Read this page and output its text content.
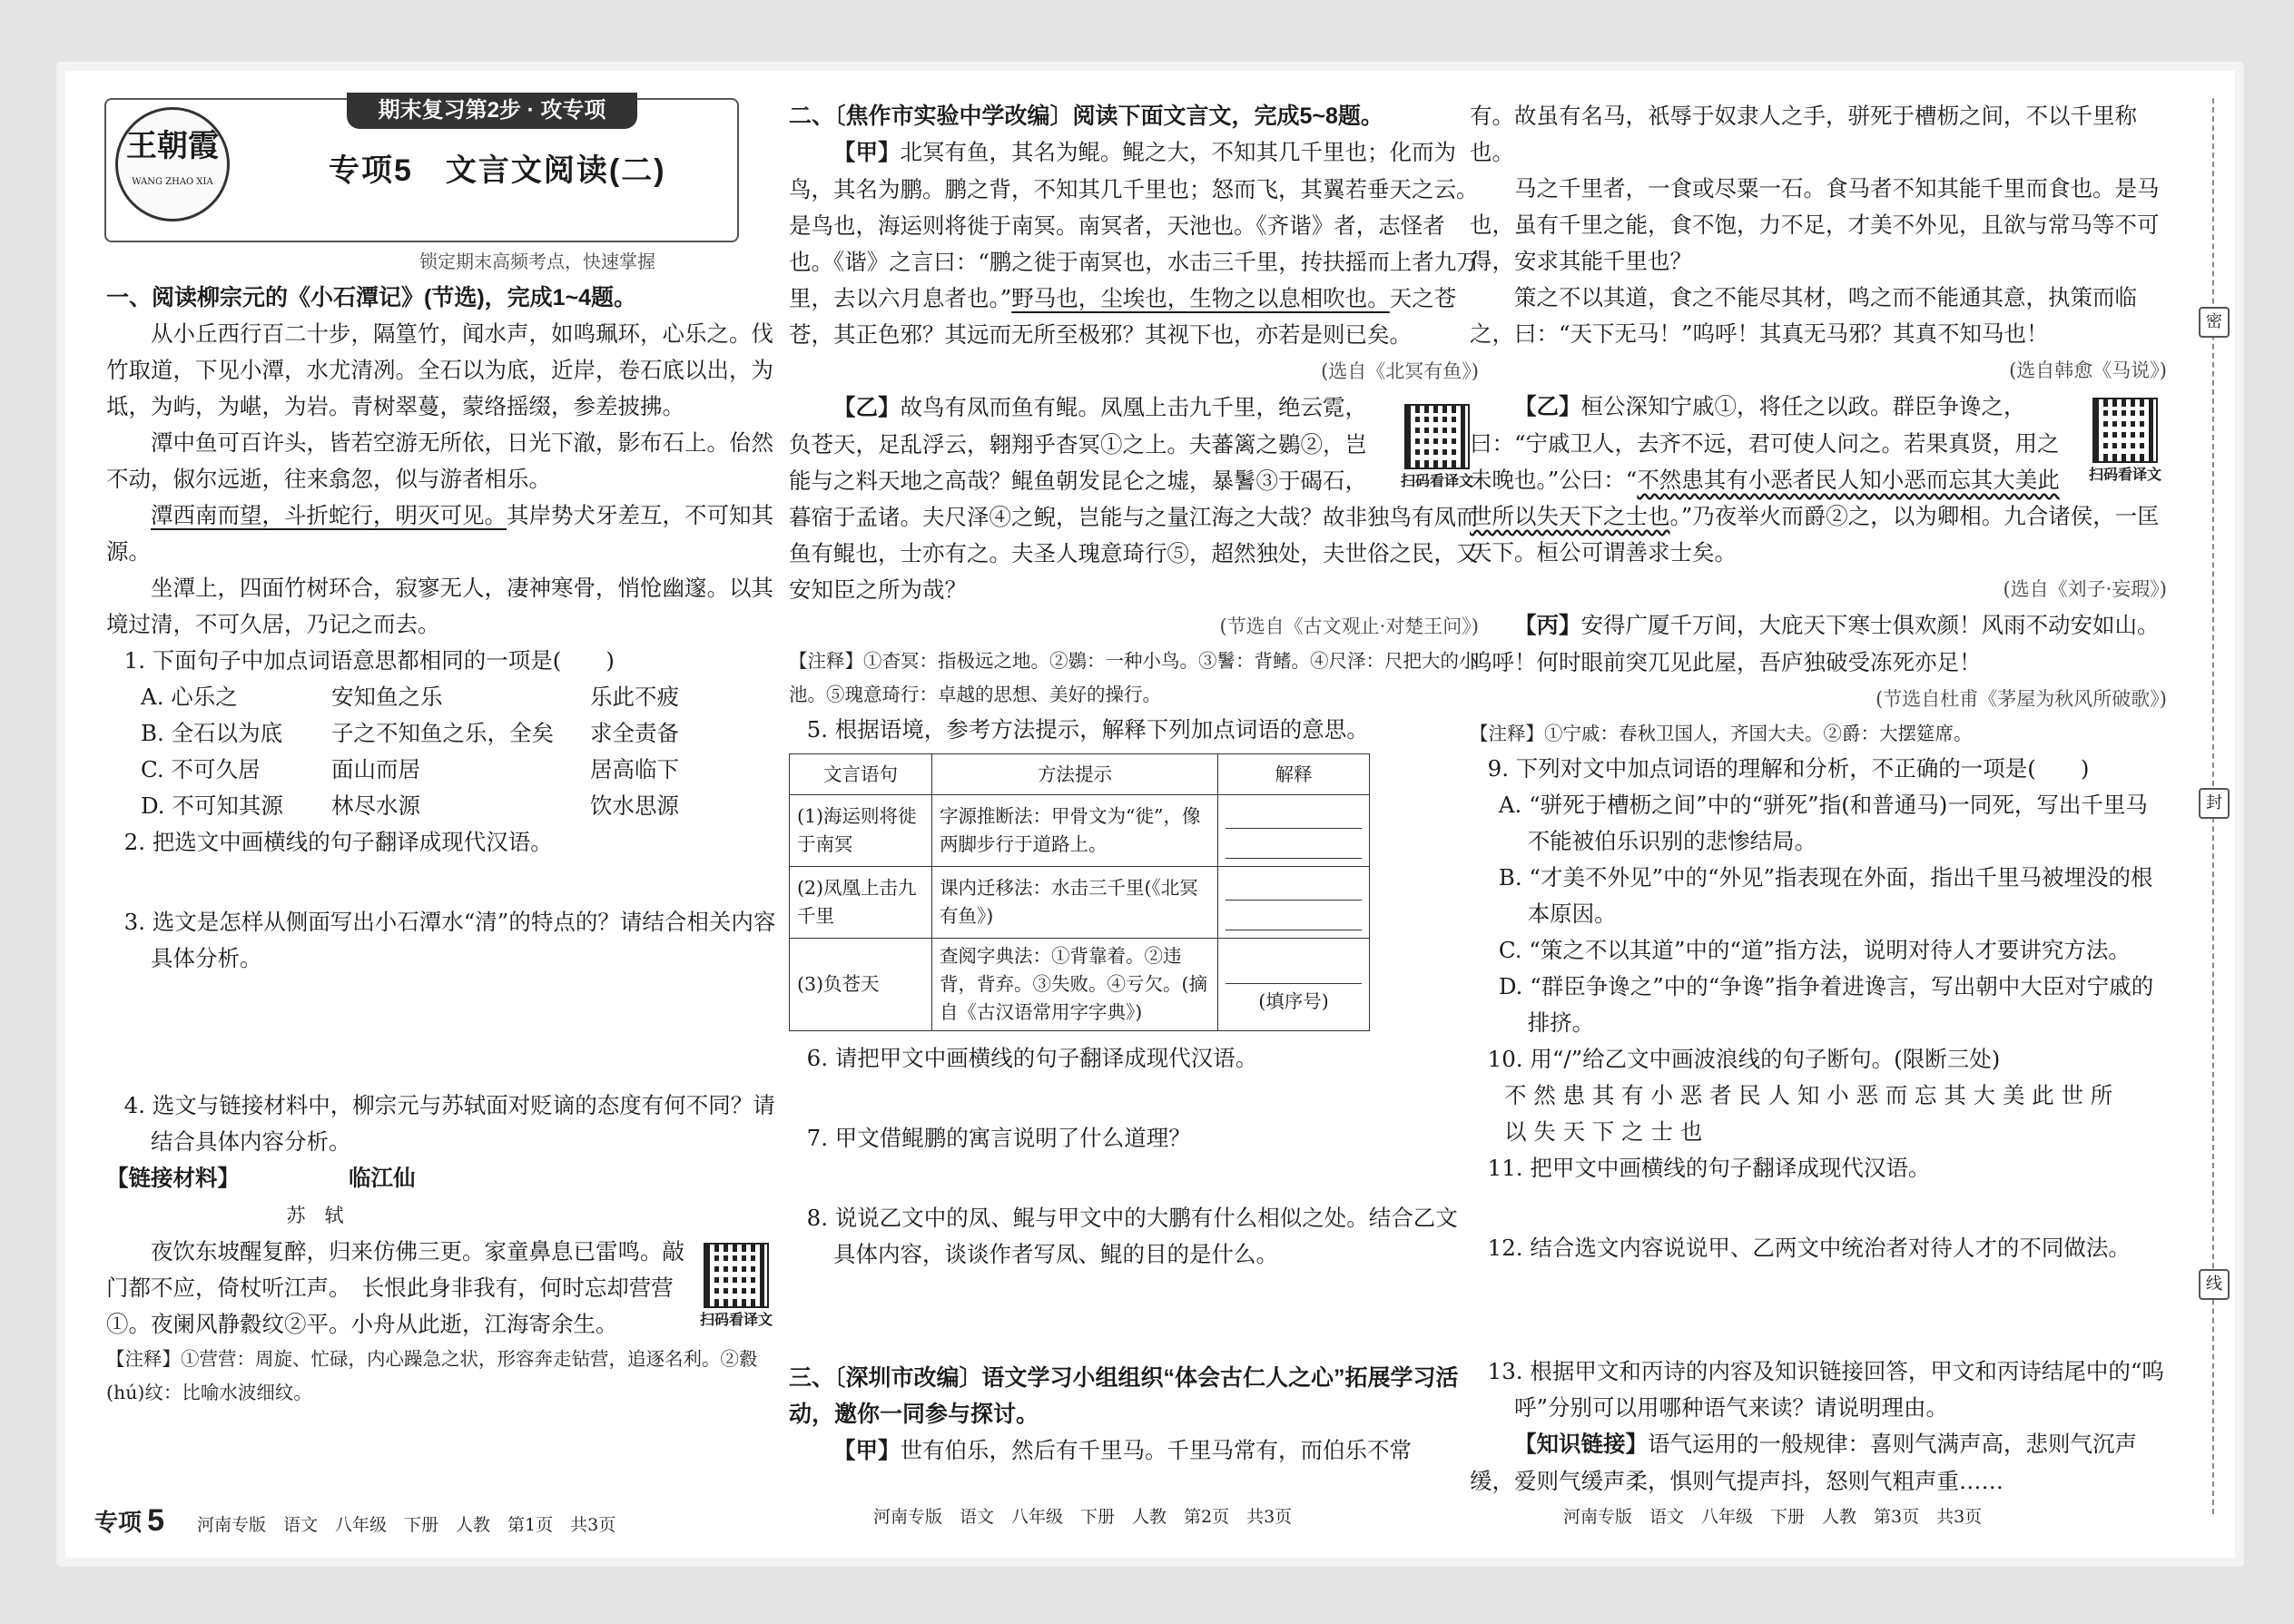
王朝霞
WANG ZHAO XIA
期末复习第2步 · 攻专项
专项5　文言文阅读(二)
锁定期末高频考点，快速掌握

一、阅读柳宗元的《小石潭记》(节选)，完成1~4题。

从小丘西行百二十步，隔篁竹，闻水声，如鸣珮环，心乐之。伐竹取道，下见小潭，水尤清冽。全石以为底，近岸，卷石底以出，为坻，为屿，为嵁，为岩。青树翠蔓，蒙络摇缀，参差披拂。

潭中鱼可百许头，皆若空游无所依，日光下澈，影布石上。佁然不动，俶尔远逝，往来翕忽，似与游者相乐。

潭西南而望，斗折蛇行，明灭可见。其岸势犬牙差互，不可知其源。

坐潭上，四面竹树环合，寂寥无人，凄神寒骨，悄怆幽邃。以其境过清，不可久居，乃记之而去。

1. 下面句子中加点词语意思都相同的一项是(　　)

A. 心乐之	安知鱼之乐	乐此不疲
B. 全石以为底	子之不知鱼之乐，全矣	求全责备
C. 不可久居	面山而居	居高临下
D. 不可知其源	林尽水源	饮水思源

2. 把选文中画横线的句子翻译成现代汉语。

3. 选文是怎样从侧面写出小石潭水“清”的特点的？请结合相关内容具体分析。

4. 选文与链接材料中，柳宗元与苏轼面对贬谪的态度有何不同？请结合具体内容分析。

【链接材料】	临江仙

苏　轼

扫码看译文

夜饮东坡醒复醉，归来仿佛三更。家童鼻息已雷鸣。敲门都不应，倚杖听江声。　长恨此身非我有，何时忘却营营①。夜阑风静縠纹②平。小舟从此逝，江海寄余生。

【注释】①营营：周旋、忙碌，内心躁急之状，形容奔走钻营，追逐名利。②縠(hú)纹：比喻水波细纹。

二、〔焦作市实验中学改编〕阅读下面文言文，完成5~8题。

【甲】北冥有鱼，其名为鲲。鲲之大，不知其几千里也；化而为鸟，其名为鹏。鹏之背，不知其几千里也；怒而飞，其翼若垂天之云。是鸟也，海运则将徙于南冥。南冥者，天池也。《齐谐》者，志怪者也。《谐》之言曰：“鹏之徙于南冥也，水击三千里，抟扶摇而上者九万里，去以六月息者也。”野马也，尘埃也，生物之以息相吹也。天之苍苍，其正色邪？其远而无所至极邪？其视下也，亦若是则已矣。

(选自《北冥有鱼》)

扫码看译文

【乙】故鸟有凤而鱼有鲲。凤凰上击九千里，绝云霓，负苍天，足乱浮云，翱翔乎杳冥①之上。夫蕃篱之鷃②，岂能与之料天地之高哉？鲲鱼朝发昆仑之墟，暴鬐③于碣石，暮宿于孟诸。夫尺泽④之鲵，岂能与之量江海之大哉？故非独鸟有凤而鱼有鲲也，士亦有之。夫圣人瑰意琦行⑤，超然独处，夫世俗之民，又安知臣之所为哉？

(节选自《古文观止·对楚王问》)

【注释】①杳冥：指极远之地。②鷃：一种小鸟。③鬐：背鳍。④尺泽：尺把大的小池。⑤瑰意琦行：卓越的思想、美好的操行。

5. 根据语境，参考方法提示，解释下列加点词语的意思。

文言语句	方法提示	解释
(1)海运则将徙于南冥	字源推断法：甲骨文为“徙”，像两脚步行于道路上。	

(2)凤凰上击九千里	课内迁移法：水击三千里(《北冥有鱼》)	

(3)负苍天	查阅字典法：①背靠着。②违背，背弃。③失败。④亏欠。(摘自《古汉语常用字字典》)	(填序号)

6. 请把甲文中画横线的句子翻译成现代汉语。

7. 甲文借鲲鹏的寓言说明了什么道理？

8. 说说乙文中的凤、鲲与甲文中的大鹏有什么相似之处。结合乙文具体内容，谈谈作者写凤、鲲的目的是什么。

三、〔深圳市改编〕语文学习小组组织“体会古仁人之心”拓展学习活动，邀你一同参与探讨。

【甲】世有伯乐，然后有千里马。千里马常有，而伯乐不常

有。故虽有名马，祇辱于奴隶人之手，骈死于槽枥之间，不以千里称也。

马之千里者，一食或尽粟一石。食马者不知其能千里而食也。是马也，虽有千里之能，食不饱，力不足，才美不外见，且欲与常马等不可得，安求其能千里也？

策之不以其道，食之不能尽其材，鸣之而不能通其意，执策而临之，曰：“天下无马！”呜呼！其真无马邪？其真不知马也！

(选自韩愈《马说》)

扫码看译文

【乙】桓公深知宁戚①，将任之以政。群臣争谗之，曰：“宁戚卫人，去齐不远，君可使人问之。若果真贤，用之未晚也。”公曰：“不然患其有小恶者民人知小恶而忘其大美此世所以失天下之士也。”乃夜举火而爵②之，以为卿相。九合诸侯，一匡天下。桓公可谓善求士矣。

(选自《刘子·妄瑕》)

【丙】安得广厦千万间，大庇天下寒士俱欢颜！风雨不动安如山。呜呼！何时眼前突兀见此屋，吾庐独破受冻死亦足！

(节选自杜甫《茅屋为秋风所破歌》)

【注释】①宁戚：春秋卫国人，齐国大夫。②爵：大摆筵席。

9. 下列对文中加点词语的理解和分析，不正确的一项是(　　)

A. “骈死于槽枥之间”中的“骈死”指(和普通马)一同死，写出千里马不能被伯乐识别的悲惨结局。

B. “才美不外见”中的“外见”指表现在外面，指出千里马被埋没的根本原因。

C. “策之不以其道”中的“道”指方法，说明对待人才要讲究方法。

D. “群臣争谗之”中的“争谗”指争着进谗言，写出朝中大臣对宁戚的排挤。

10. 用“/”给乙文中画波浪线的句子断句。(限断三处)

不 然 患 其 有 小 恶 者 民 人 知 小 恶 而 忘 其 大 美 此 世 所

以 失 天 下 之 士 也

11. 把甲文中画横线的句子翻译成现代汉语。

12. 结合选文内容说说甲、乙两文中统治者对待人才的不同做法。

13. 根据甲文和丙诗的内容及知识链接回答，甲文和丙诗结尾中的“呜呼”分别可以用哪种语气来读？请说明理由。

【知识链接】语气运用的一般规律：喜则气满声高，悲则气沉声缓，爱则气缓声柔，惧则气提声抖，怒则气粗声重……

密
封
线
专项 5 河南专版　语文　八年级　下册　人教　第1页　共3页	河南专版　语文　八年级　下册　人教　第2页　共3页	河南专版　语文　八年级　下册　人教　第3页　共3页
